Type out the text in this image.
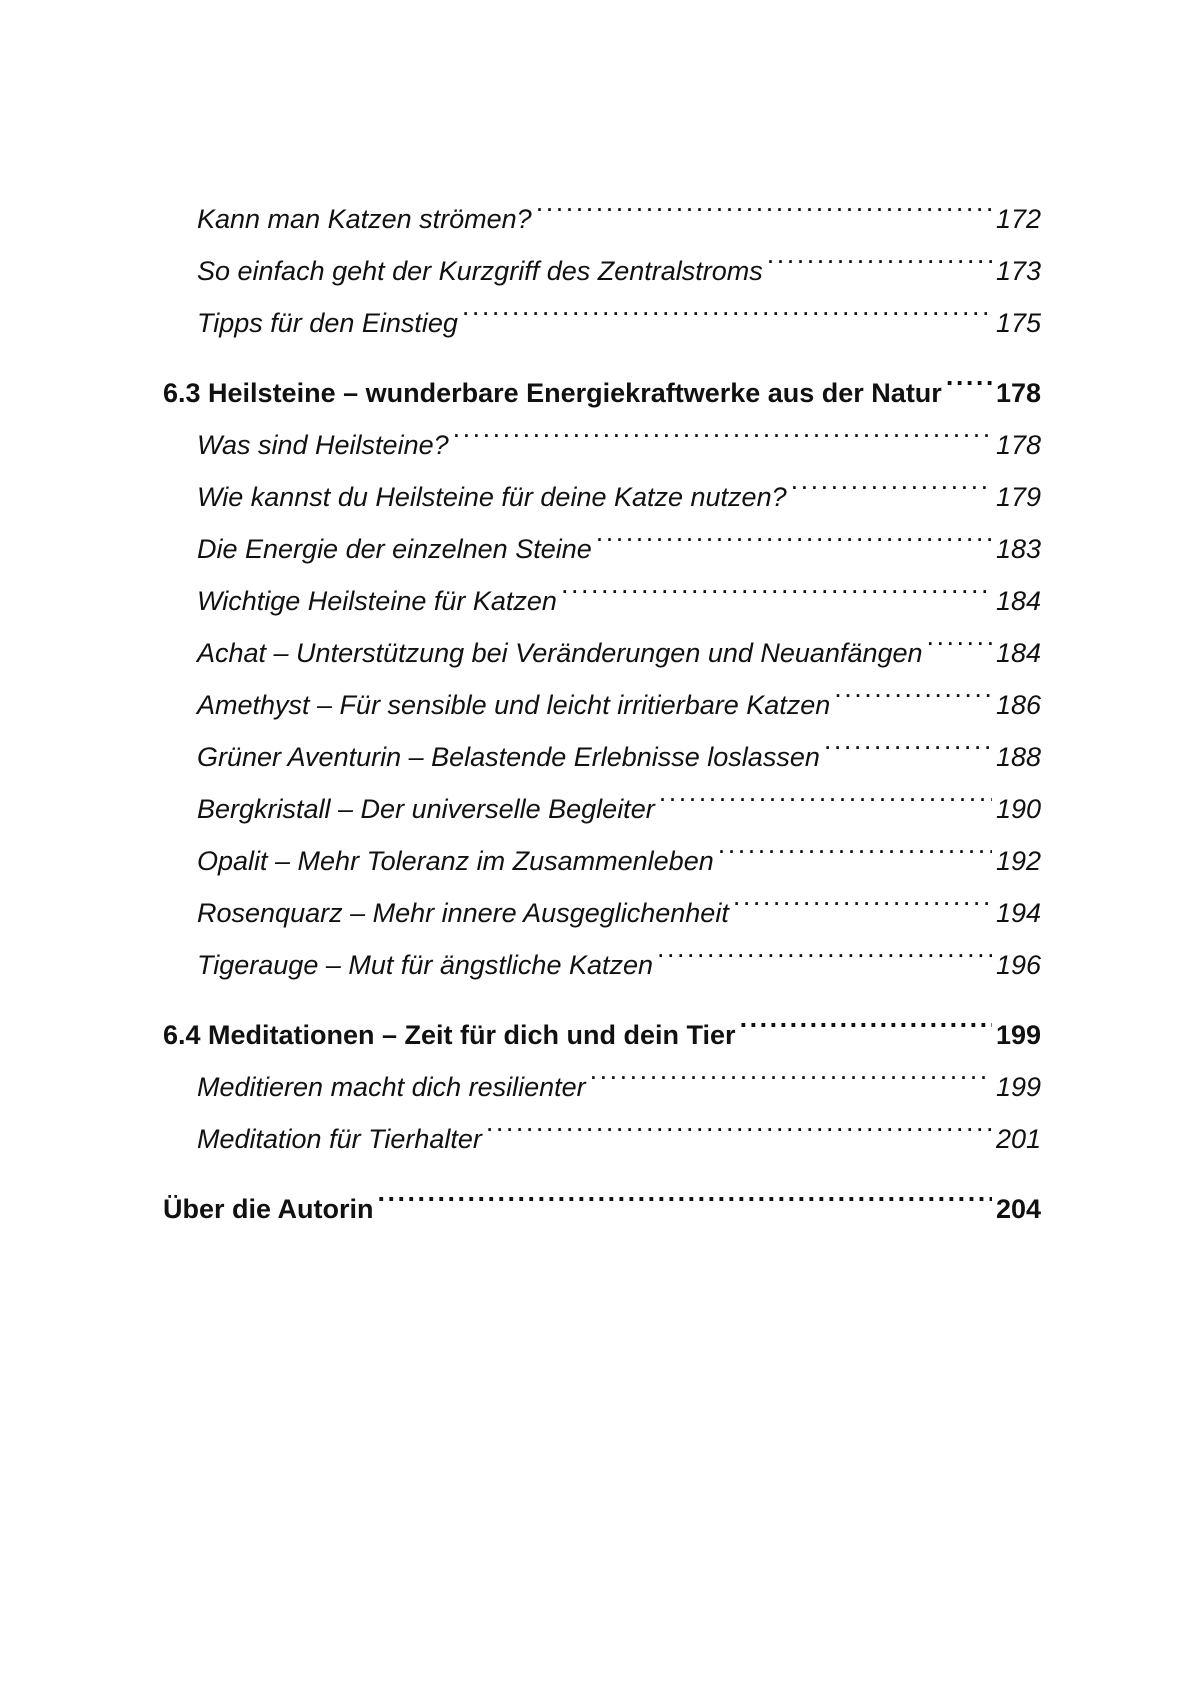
Kann man Katzen strömen? . . .	172
So einfach geht der Kurzgriff des Zentralstroms . . .	173
Tipps für den Einstieg . . .	175
6.3 Heilsteine – wunderbare Energiekraftwerke aus der Natur . . . 178
Was sind Heilsteine? . . .	178
Wie kannst du Heilsteine für deine Katze nutzen? . . .	179
Die Energie der einzelnen Steine . . .	183
Wichtige Heilsteine für Katzen . . .	184
Achat – Unterstützung bei Veränderungen und Neuanfängen . . .	184
Amethyst – Für sensible und leicht irritierbare Katzen . . .	186
Grüner Aventurin – Belastende Erlebnisse loslassen . . .	188
Bergkristall – Der universelle Begleiter . . .	190
Opalit – Mehr Toleranz im Zusammenleben . . .	192
Rosenquarz – Mehr innere Ausgeglichenheit . . .	194
Tigerauge – Mut für ängstliche Katzen . . .	196
6.4 Meditationen – Zeit für dich und dein Tier . . .	199
Meditieren macht dich resilienter . . .	199
Meditation für Tierhalter . . .	201
Über die Autorin . . .	204
